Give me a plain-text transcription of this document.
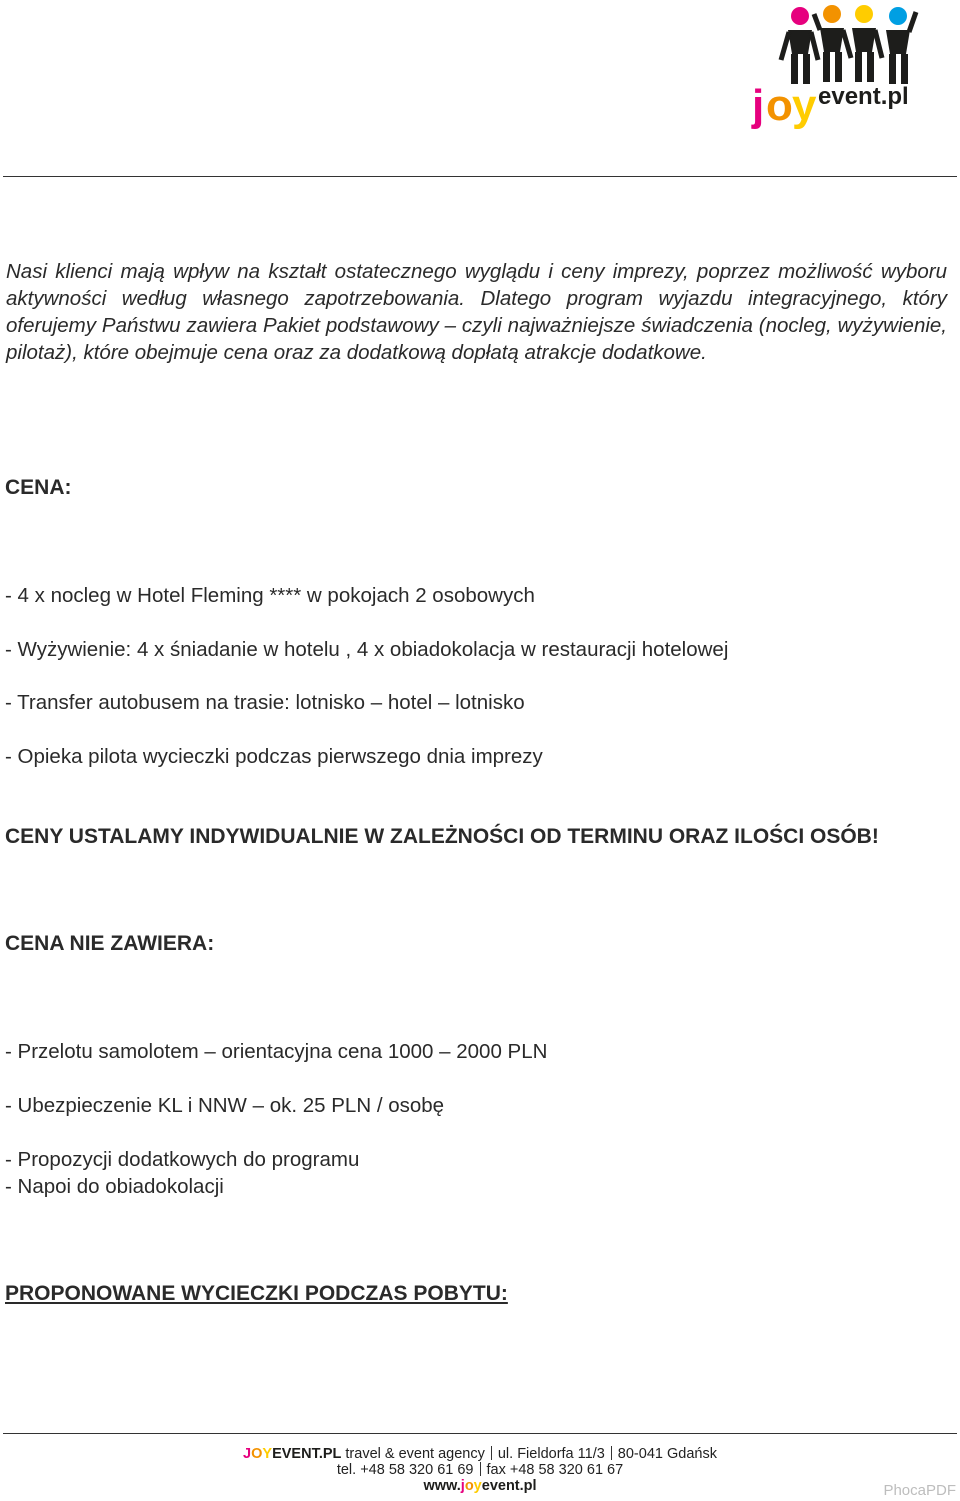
j o y event.pl
Nasi klienci mają wpływ na kształt ostatecznego wyglądu i ceny imprezy, poprzez możliwość wyboru aktywności według własnego zapotrzebowania. Dlatego program wyjazdu integracyjnego, który oferujemy Państwu zawiera Pakiet podstawowy – czyli najważniejsze świadczenia (nocleg, wyżywienie, pilotaż), które obejmuje cena oraz za dodatkową dopłatą atrakcje dodatkowe.
CENA:
- 4 x nocleg w Hotel Fleming **** w pokojach 2 osobowych
- Wyżywienie: 4 x śniadanie w hotelu , 4 x obiadokolacja w restauracji hotelowej
- Transfer autobusem na trasie: lotnisko – hotel – lotnisko
- Opieka pilota wycieczki podczas pierwszego dnia imprezy
CENY USTALAMY INDYWIDUALNIE W ZALEŻNOŚCI OD TERMINU ORAZ ILOŚCI OSÓB!
CENA NIE ZAWIERA:
- Przelotu samolotem – orientacyjna cena 1000 – 2000 PLN
- Ubezpieczenie KL i NNW – ok. 25 PLN / osobę
- Propozycji dodatkowych do programu
- Napoi do obiadokolacji
PROPONOWANE WYCIECZKI PODCZAS POBYTU:
JOYEVENT.PL travel & event agency ul. Fieldorfa 11/3 80-041 Gdańsk
tel. +48 58 320 61 69 fax +48 58 320 61 67
www.joyevent.pl	PhocaPDF
